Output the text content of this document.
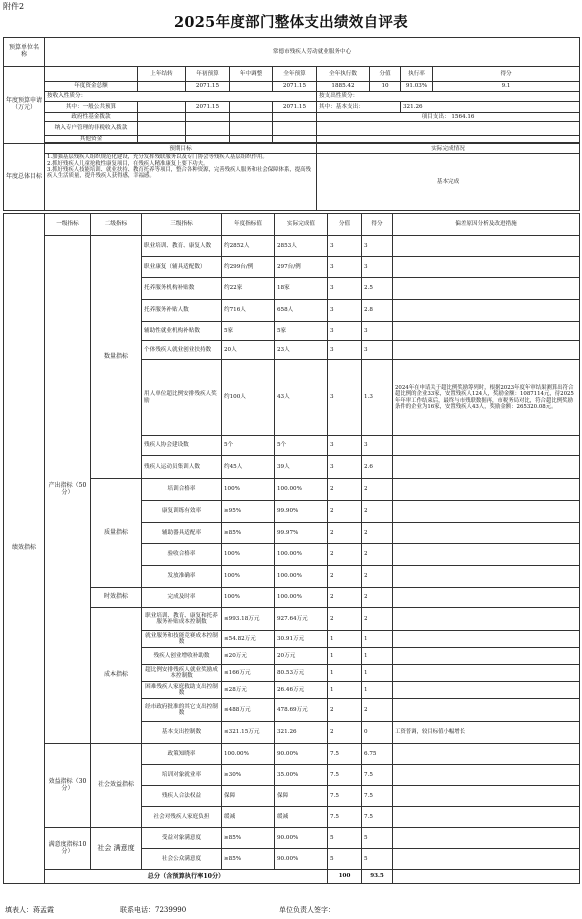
附件2
2025年度部门整体支出绩效自评表
预算单位名 称	常德市残疾人劳动就业服务中心								
年度预算申请（万元）		上年结转	年初预算	年中调整	全年预算	全年执行数	分值	执行率	得分
	年度资金总额		2071.15		2071.15	1885.42	10	91.03%	9.1
	按收入性质分：					按支出性质分：			
	其中：一般公共预算		2071.15		2071.15	其中：基本支出：		321.26	
	政府性基金拨款					项目支出： 1564.16			
	纳入专户管理的非税收入拨款								
	其他资金								

年度总体目标	预期目标					实际完成情况			
	1.加强基层残疾人组织规范化建设，充分发挥残联服务以及专门协会等残疾人基层组织作用。
2.抓好残疾人儿童抢救性康复项目，在残疾人精准康复上要下功夫。
3.抓好残疾人技能培训、就业扶持、教育托养等项目，整合各种资源，完善残疾人服务和社会保障体系，提高残疾人生活质量，提升残疾人获得感，幸福感。					基本完成			
绩效指标	一级指标	二级指标	三级指标	年度指标值	实际完成值	分值	得分	偏差原因分析及改进措施
	产出指标（50分）	数量指标	职业培训、教育、康复人数	约2852人	2853人	3	3	
			职业康复（辅具适配数）	约299台/例	297台/例	3	3	
			托养服务机构补贴数	约22家	18家	3	2.5	
			托养服务补贴人数	约716人	658人	3	2.8	
			辅助性就业机构补贴数	5家	5家	3	3	
			个体残疾人就业创业扶持数	20人	23人	3	3	
			用人单位超比例安排残疾人奖励	约100人	43人	3	1.3	2024年在申请关于超比例奖励筹列时，根据2023年度年审结果测算出符合超比例的企业33家，安置残疾人124人，奖励金额：1087114元，待2025年年审工作结束后，最终与市残联数据再，市税务局对比，符合超比例奖励条件的企业为16家，安置残疾人43人，奖励金额：265320.08元。
			残疾人协会建设数	5个	5个	3	3	
			残疾人运动员集训人数	约45人	39人	3	2.6	
		质量指标	培训合格率	100%	100.00%	2	2	
			康复训练有效率	≥95%	99.90%	2	2	
			辅助器具适配率	≥85%	99.97%	2	2	
			验收合格率	100%	100.00%	2	2	
			发放准确率	100%	100.00%	2	2	
		时效指标	完成及时率	100%	100.00%	2	2	
		成本指标	职业培训、教育、康复和托养服务补贴成本控制数	≤993.18万元	927.64万元	2	2	
			就业服务和技能竞赛成本控制数	≤54.82万元	30.91万元	1	1	
			残疾人创业增收补助数	≤20万元	20万元	1	1	
			超比例安排残疾人就业奖励成本控制数	≤166万元	80.53万元	1	1	
			困难残疾人家庭救助支出控制数	≤28万元	26.46万元	1	1	
			经市政府批准的其它支出控制数	≤488万元	478.69万元	2	2	
			基本支出控制数	≤321.15万元	321.26	2	0	工资普调，较目标值小幅增长
	效益指标（30分）	社会效益指标	政策知晓率	100.00%	90.00%	7.5	6.75	
			培训对象就业率	≥30%	35.00%	7.5	7.5	
			残疾人合法权益	保障	保障	7.5	7.5	
			社会对残疾人家庭负担	缓减	缓减	7.5	7.5	
	满意度指标10分）	社会 满意度	受益对象满意度	≥85%	90.00%	5	5	
			社会公众满意度	≥85%	90.00%	5	5	
	总分（含预算执行率10分）					100	93.5	
填表人：蒋孟霞	联系电话：7239990	单位负责人签字：
